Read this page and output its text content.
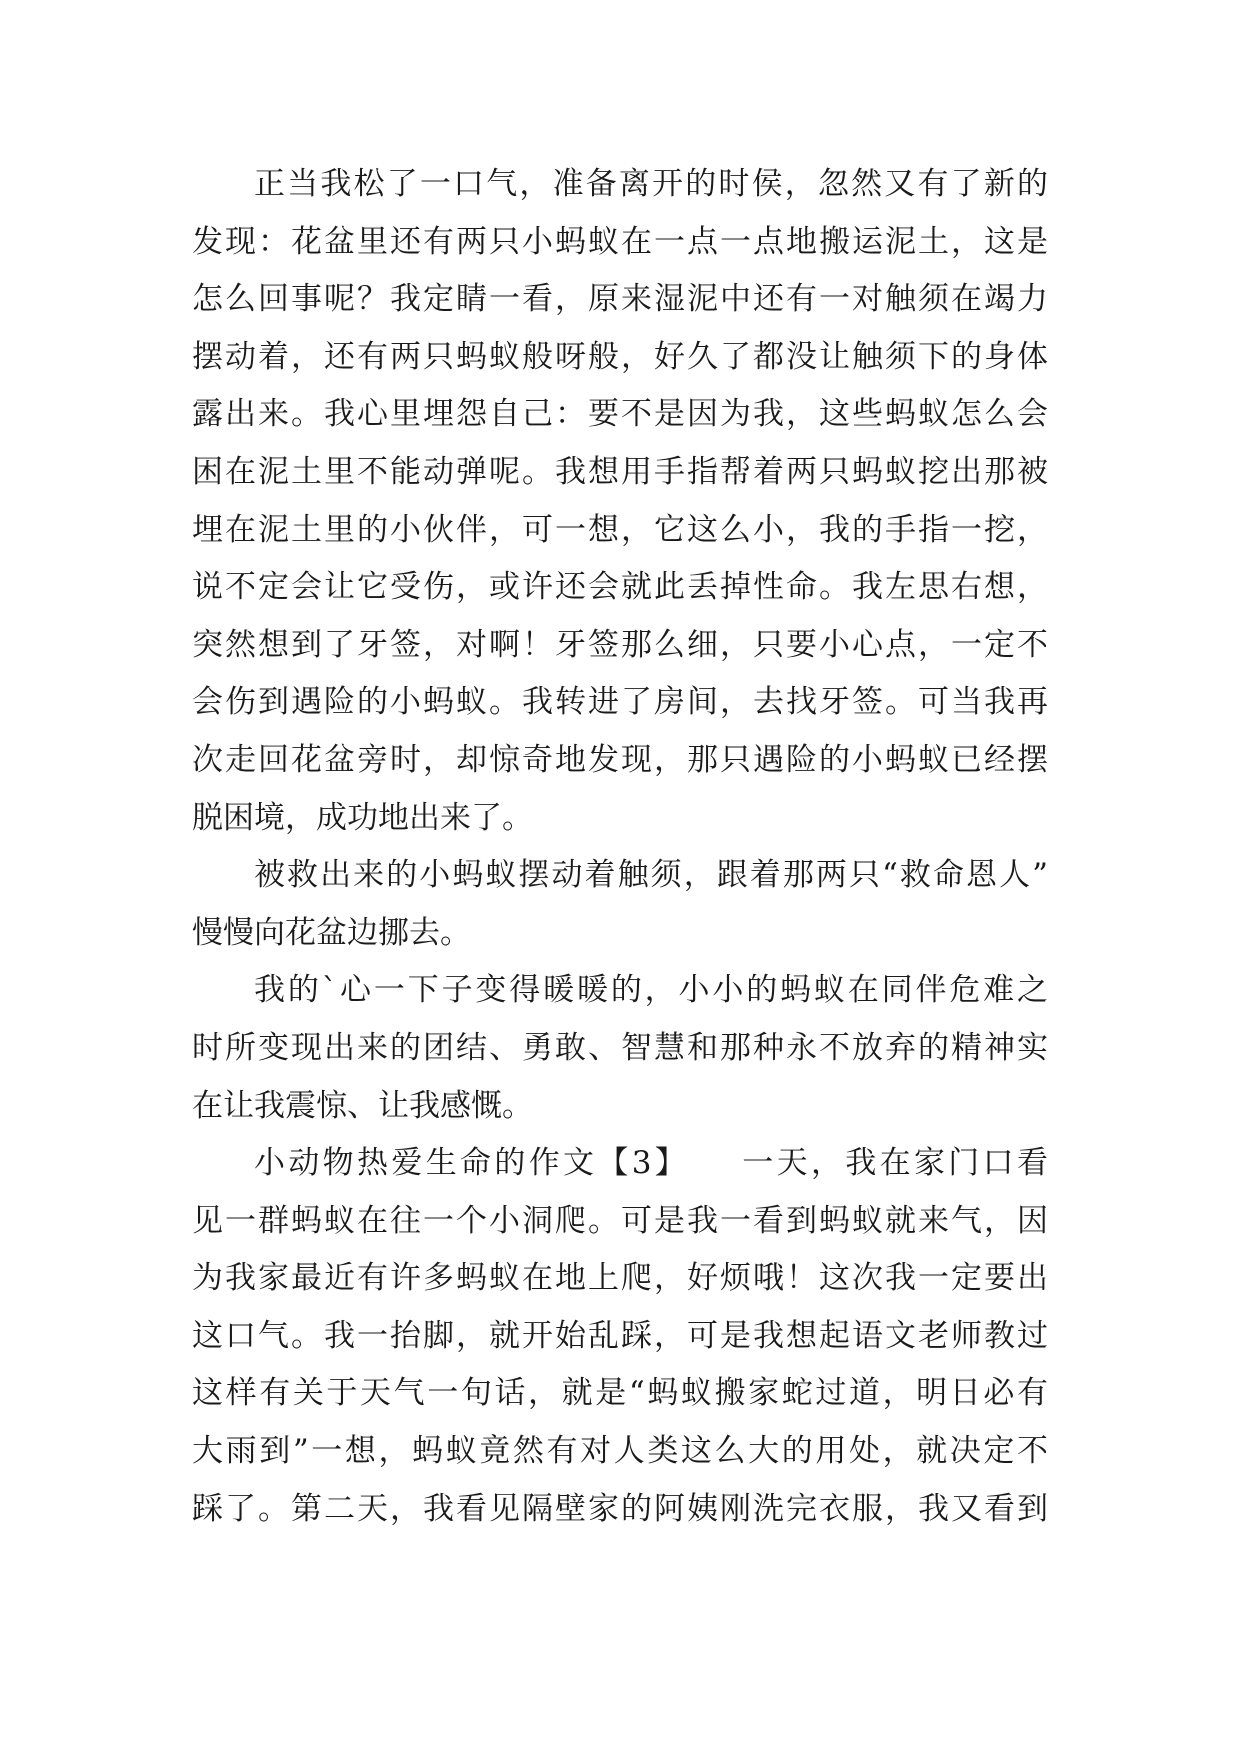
正当我松了一口气，准备离开的时侯，忽然又有了新的
发现：花盆里还有两只小蚂蚁在一点一点地搬运泥土，这是
怎么回事呢？我定睛一看，原来湿泥中还有一对触须在竭力
摆动着，还有两只蚂蚁般呀般，好久了都没让触须下的身体
露出来。我心里埋怨自己：要不是因为我，这些蚂蚁怎么会
困在泥土里不能动弹呢。我想用手指帮着两只蚂蚁挖出那被
埋在泥土里的小伙伴，可一想，它这么小，我的手指一挖，
说不定会让它受伤，或许还会就此丢掉性命。我左思右想，
突然想到了牙签，对啊！牙签那么细，只要小心点，一定不
会伤到遇险的小蚂蚁。我转进了房间，去找牙签。可当我再
次走回花盆旁时，却惊奇地发现，那只遇险的小蚂蚁已经摆
脱困境，成功地出来了。
被救出来的小蚂蚁摆动着触须，跟着那两只“救命恩人”
慢慢向花盆边挪去。
我的`心一下子变得暖暖的，小小的蚂蚁在同伴危难之
时所变现出来的团结、勇敢、智慧和那种永不放弃的精神实
在让我震惊、让我感慨。
小动物热爱生命的作文【3】　　一天，我在家门口看
见一群蚂蚁在往一个小洞爬。可是我一看到蚂蚁就来气，因
为我家最近有许多蚂蚁在地上爬，好烦哦！这次我一定要出
这口气。我一抬脚，就开始乱踩，可是我想起语文老师教过
这样有关于天气一句话，就是“蚂蚁搬家蛇过道，明日必有
大雨到”一想，蚂蚁竟然有对人类这么大的用处，就决定不
踩了。第二天，我看见隔壁家的阿姨刚洗完衣服，我又看到
